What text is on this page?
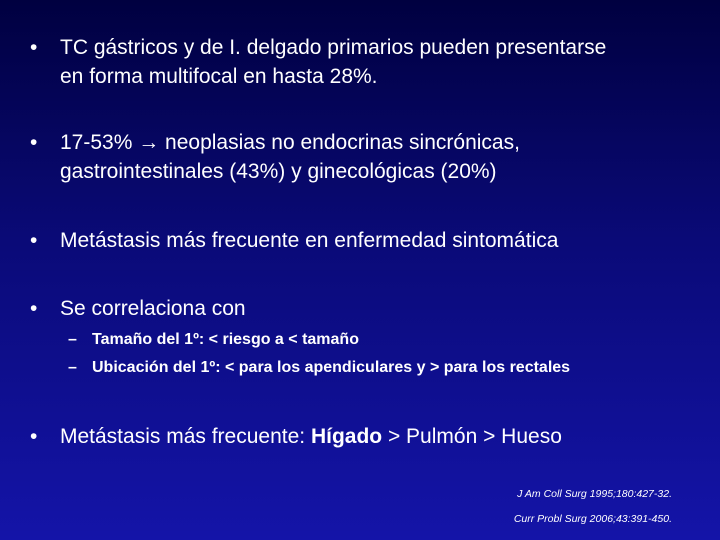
• TC gástricos y de I. delgado primarios pueden presentarse
en forma multifocal en hasta 28%.
• 17-53% → neoplasias no endocrinas sincrónicas,
gastrointestinales (43%) y ginecológicas (20%)
• Metástasis más frecuente en enfermedad sintomática
• Se correlaciona con
– Tamaño del 1º: < riesgo a < tamaño
– Ubicación del 1º: < para los apendiculares y > para los rectales
• Metástasis más frecuente: Hígado > Pulmón > Hueso
J Am Coll Surg 1995;180:427-32.
Curr Probl Surg 2006;43:391-450.
